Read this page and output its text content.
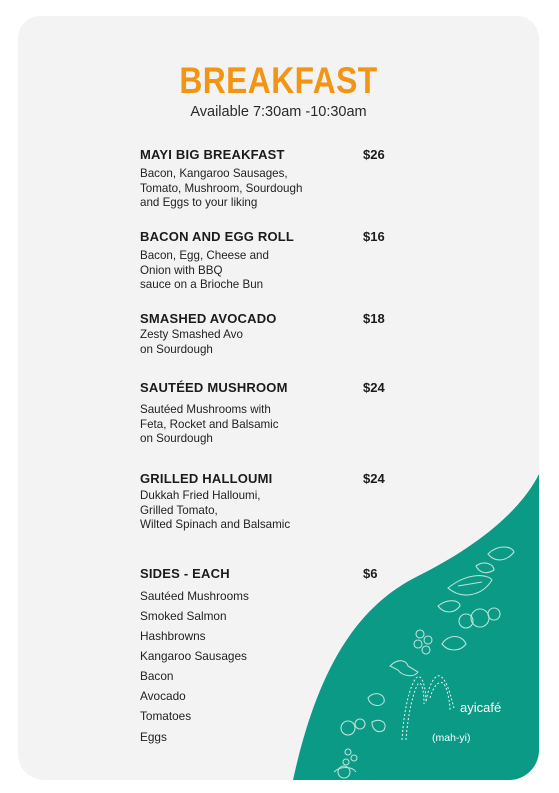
BREAKFAST
Available 7:30am -10:30am
MAYI BIG BREAKFAST
Bacon, Kangaroo Sausages,
Tomato, Mushroom, Sourdough
and Eggs to your liking
$26
BACON AND EGG ROLL
Bacon, Egg, Cheese and
Onion with BBQ
sauce on a Brioche Bun
$16
SMASHED AVOCADO
Zesty Smashed Avo
on Sourdough
$18
SAUTÉED MUSHROOM
Sautéed Mushrooms with
Feta, Rocket and Balsamic
on Sourdough
$24
GRILLED HALLOUMI
Dukkah Fried Halloumi,
Grilled Tomato,
Wilted Spinach and Balsamic
$24
SIDES - EACH	$6
Sautéed Mushrooms
Smoked Salmon
Hashbrowns
Kangaroo Sausages
Bacon
Avocado
Tomatoes
Eggs
ayicafé
(mah-yi)
